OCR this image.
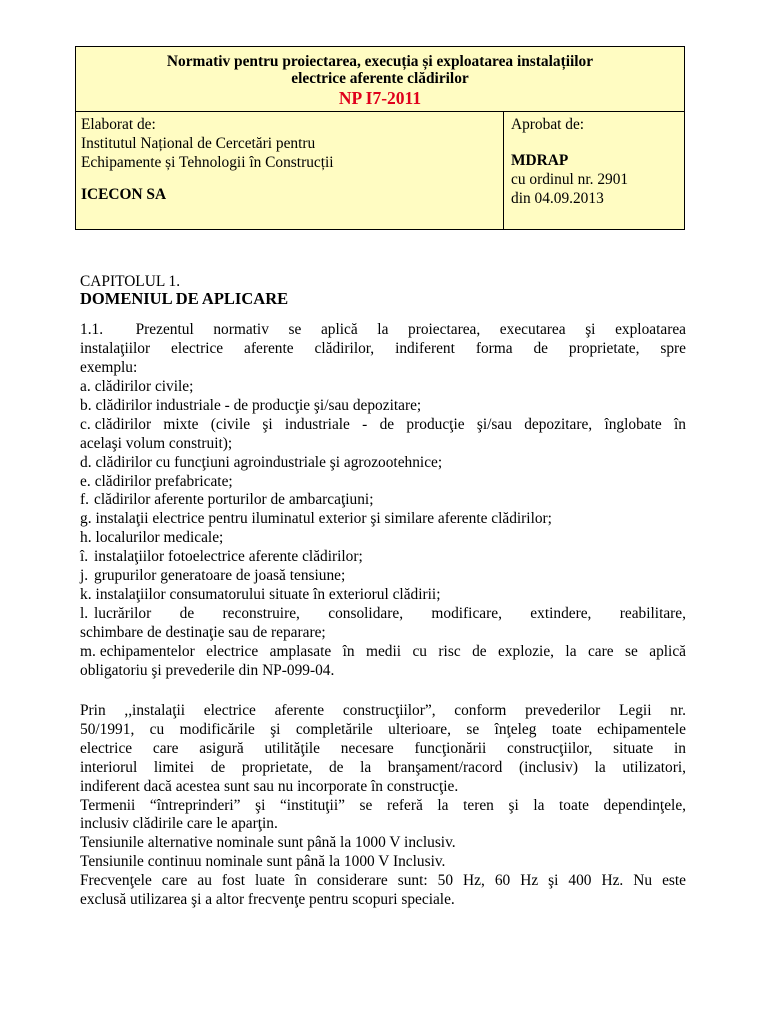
Normativ pentru proiectarea, execuția și exploatarea instalațiilor
electrice aferente clădirilor
NP I7-2011
Elaborat de:
Institutul Național de Cercetări pentru
Echipamente și Tehnologii în Construcții
ICECON SA
Aprobat de:
MDRAP
cu ordinul nr. 2901
din 04.09.2013
CAPITOLUL 1.
DOMENIUL DE APLICARE
1.1. Prezentul normativ se aplică la proiectarea, executarea şi exploatarea
instalaţiilor electrice aferente clădirilor, indiferent forma de proprietate, spre
exemplu:
a. clădirilor civile;
b. clădirilor industriale - de producţie şi/sau depozitare;
c. clădirilor mixte (civile şi industriale - de producţie şi/sau depozitare, înglobate în
acelaşi volum construit);
d. clădirilor cu funcţiuni agroindustriale şi agrozootehnice;
e. clădirilor prefabricate;
f. clădirilor aferente porturilor de ambarcaţiuni;
g. instalaţii electrice pentru iluminatul exterior şi similare aferente clădirilor;
h. localurilor medicale;
î. instalaţiilor fotoelectrice aferente clădirilor;
j. grupurilor generatoare de joasă tensiune;
k. instalaţiilor consumatorului situate în exteriorul clădirii;
l. lucrărilor de reconstruire, consolidare, modificare, extindere, reabilitare,
schimbare de destinaţie sau de reparare;
m. echipamentelor electrice amplasate în medii cu risc de explozie, la care se aplică
obligatoriu şi prevederile din NP-099-04.
Prin ,,instalaţii electrice aferente construcţiilor”, conform prevederilor Legii nr.
50/1991, cu modificările şi completările ulterioare, se înţeleg toate echipamentele
electrice care asigură utilităţile necesare funcţionării construcţiilor, situate in
interiorul limitei de proprietate, de la branşament/racord (inclusiv) la utilizatori,
indiferent dacă acestea sunt sau nu incorporate în construcţie.
Termenii “întreprinderi” şi “instituţii” se referă la teren şi la toate dependinţele,
inclusiv clădirile care le aparţin.
Tensiunile alternative nominale sunt până la 1000 V inclusiv.
Tensiunile continuu nominale sunt până la 1000 V Inclusiv.
Frecvenţele care au fost luate în considerare sunt: 50 Hz, 60 Hz şi 400 Hz. Nu este
exclusă utilizarea şi a altor frecvenţe pentru scopuri speciale.
